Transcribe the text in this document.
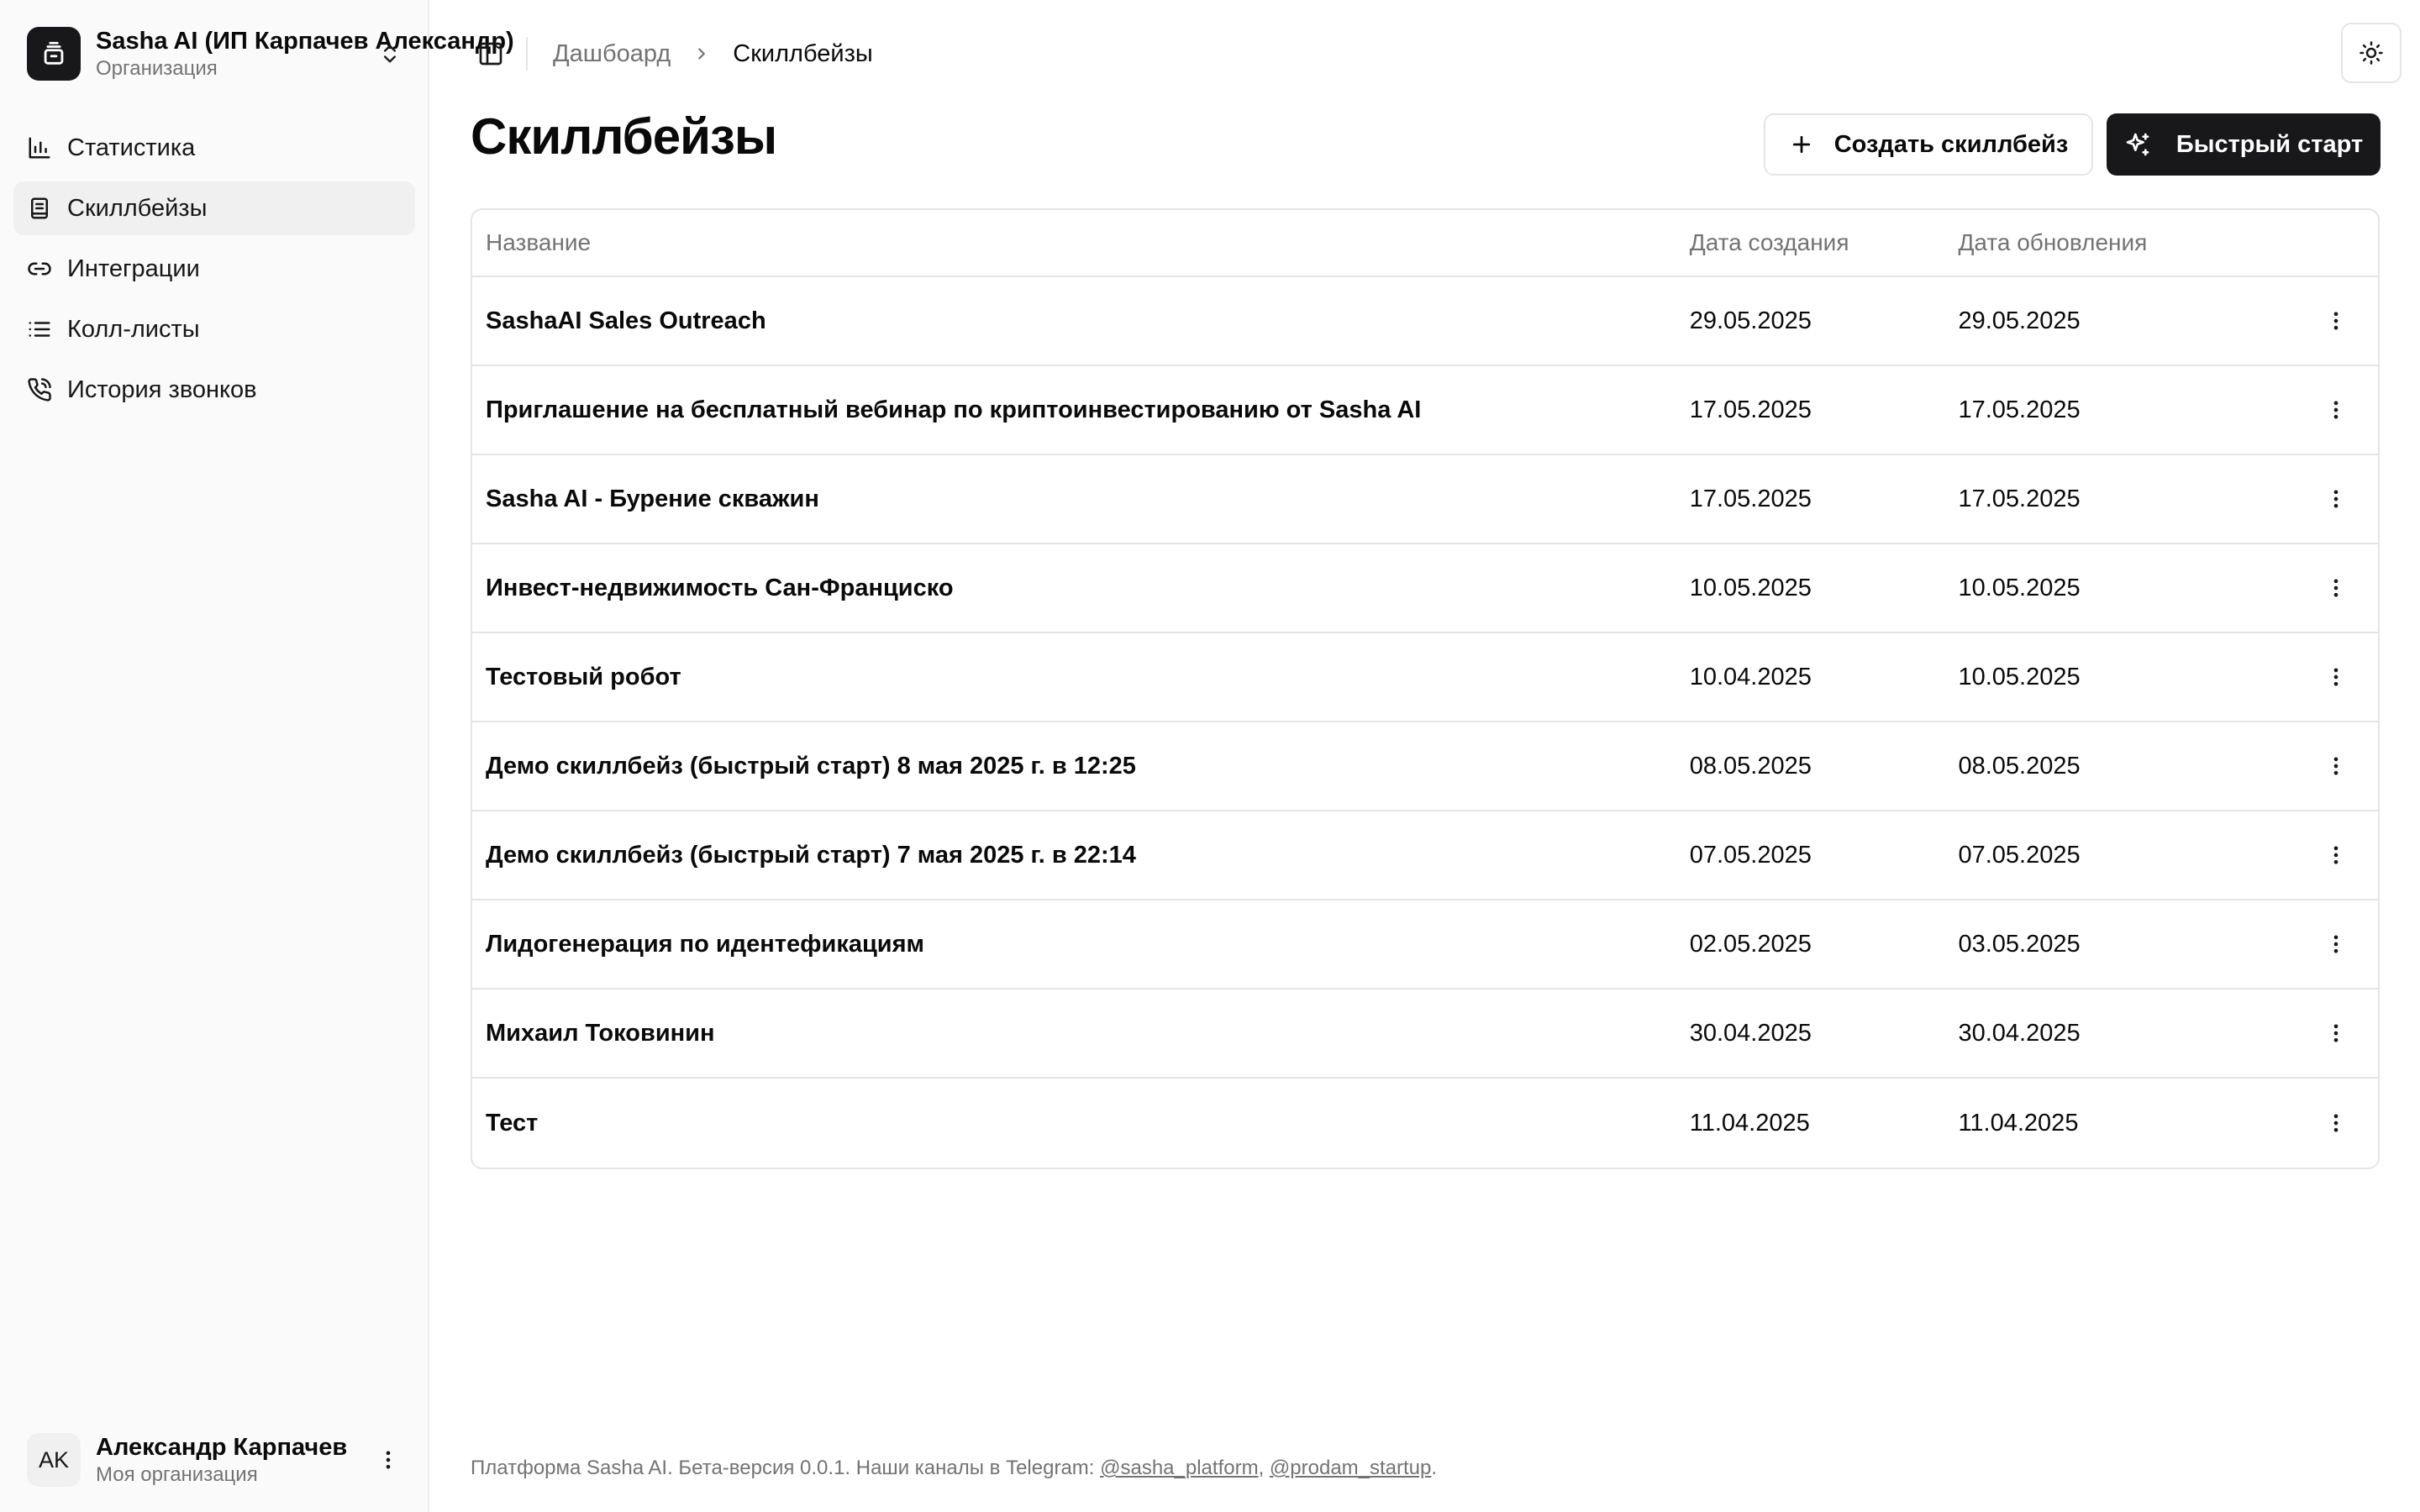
Sasha AI (ИП Карпачев Александр)
Организация
Статистика
Скиллбейзы
Интеграции
Колл-листы
История звонков
AK	Александр Карпачев
Моя организация
Дашбоард	Скиллбейзы
Скиллбейзы	Создать скиллбейз	Быстрый старт
Название	Дата создания	Дата обновления
SashaAI Sales Outreach	29.05.2025	29.05.2025
Приглашение на бесплатный вебинар по криптоинвестированию от Sasha AI	17.05.2025	17.05.2025
Sasha AI - Бурение скважин	17.05.2025	17.05.2025
Инвест-недвижимость Сан-Франциско	10.05.2025	10.05.2025
Тестовый робот	10.04.2025	10.05.2025
Демо скиллбейз (быстрый старт) 8 мая 2025 г. в 12:25	08.05.2025	08.05.2025
Демо скиллбейз (быстрый старт) 7 мая 2025 г. в 22:14	07.05.2025	07.05.2025
Лидогенерация по идентефикациям	02.05.2025	03.05.2025
Михаил Токовинин	30.04.2025	30.04.2025
Тест	11.04.2025	11.04.2025
Платформа Sasha AI. Бета-версия 0.0.1. Наши каналы в Telegram: @sasha_platform, @prodam_startup.
